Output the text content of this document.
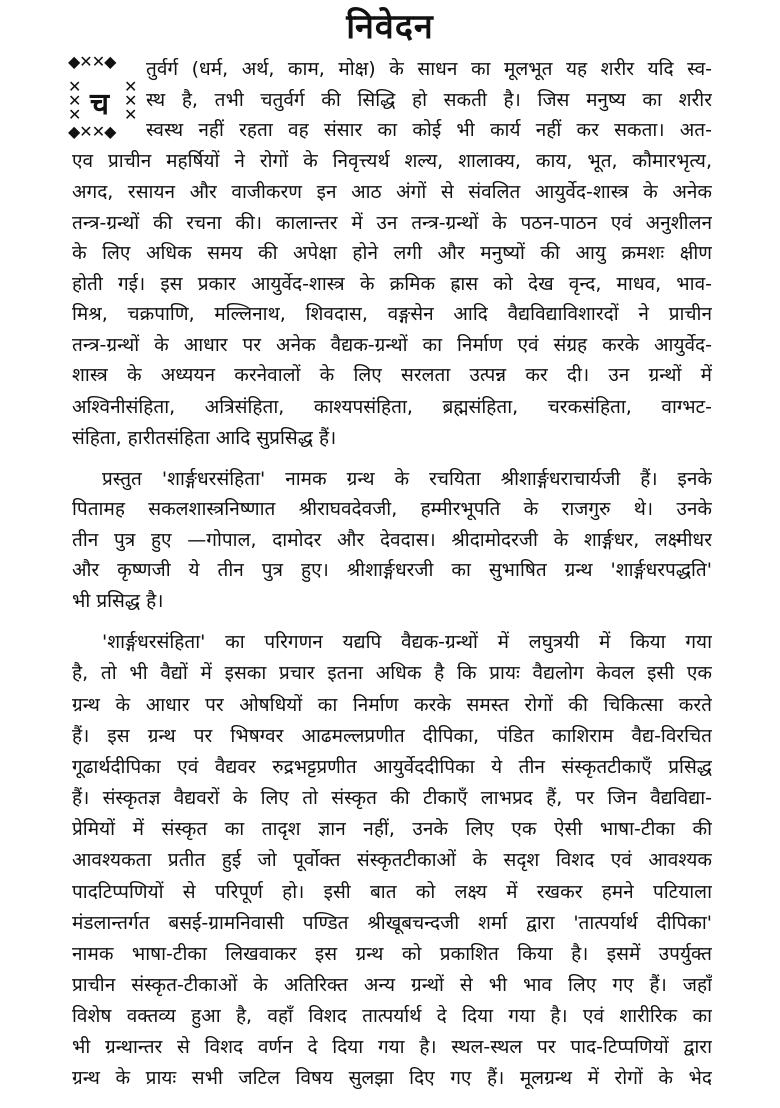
निवेदन
◆✕✕◆
✕
✕
✕
✕
✕
✕
◆✕✕◆
च
तुर्वर्ग (धर्म, अर्थ, काम, मोक्ष) के साधन का मूलभूत यह शरीर यदि स्व-
स्थ है, तभी चतुर्वर्ग की सिद्धि हो सकती है। जिस मनुष्य का शरीर
स्वस्थ नहीं रहता वह संसार का कोई भी कार्य नहीं कर सकता। अत-
एव प्राचीन महर्षियों ने रोगों के निवृत्त्यर्थ शल्य, शालाक्य, काय, भूत, कौमारभृत्य,
अगद, रसायन और वाजीकरण इन आठ अंगों से संवलित आयुर्वेद-शास्त्र के अनेक
तन्त्र-ग्रन्थों की रचना की। कालान्तर में उन तन्त्र-ग्रन्थों के पठन-पाठन एवं अनुशीलन
के लिए अधिक समय की अपेक्षा होने लगी और मनुष्यों की आयु क्रमशः क्षीण
होती गई। इस प्रकार आयुर्वेद-शास्त्र के क्रमिक ह्रास को देख वृन्द, माधव, भाव-
मिश्र, चक्रपाणि, मल्लिनाथ, शिवदास, वङ्गसेन आदि वैद्यविद्याविशारदों ने प्राचीन
तन्त्र-ग्रन्थों के आधार पर अनेक वैद्यक-ग्रन्थों का निर्माण एवं संग्रह करके आयुर्वेद-
शास्त्र के अध्ययन करनेवालों के लिए सरलता उत्पन्न कर दी। उन ग्रन्थों में
अश्विनीसंहिता, अत्रिसंहिता, काश्यपसंहिता, ब्रह्मसंहिता, चरकसंहिता, वाग्भट-
संहिता, हारीतसंहिता आदि सुप्रसिद्ध हैं।
प्रस्तुत 'शार्ङ्गधरसंहिता' नामक ग्रन्थ के रचयिता श्रीशार्ङ्गधराचार्यजी हैं। इनके
पितामह सकलशास्त्रनिष्णात श्रीराघवदेवजी, हम्मीरभूपति के राजगुरु थे। उनके
तीन पुत्र हुए —गोपाल, दामोदर और देवदास। श्रीदामोदरजी के शार्ङ्गधर, लक्ष्मीधर
और कृष्णजी ये तीन पुत्र हुए। श्रीशार्ङ्गधरजी का सुभाषित ग्रन्थ 'शार्ङ्गधरपद्धति'
भी प्रसिद्ध है।
'शार्ङ्गधरसंहिता' का परिगणन यद्यपि वैद्यक-ग्रन्थों में लघुत्रयी में किया गया
है, तो भी वैद्यों में इसका प्रचार इतना अधिक है कि प्रायः वैद्यलोग केवल इसी एक
ग्रन्थ के आधार पर ओषधियों का निर्माण करके समस्त रोगों की चिकित्सा करते
हैं। इस ग्रन्थ पर भिषग्वर आढमल्लप्रणीत दीपिका, पंडित काशिराम वैद्य-विरचित
गूढार्थदीपिका एवं वैद्यवर रुद्रभट्टप्रणीत आयुर्वेददीपिका ये तीन संस्कृतटीकाएँ प्रसिद्ध
हैं। संस्कृतज्ञ वैद्यवरों के लिए तो संस्कृत की टीकाएँ लाभप्रद हैं, पर जिन वैद्यविद्या-
प्रेमियों में संस्कृत का तादृश ज्ञान नहीं, उनके लिए एक ऐसी भाषा-टीका की
आवश्यकता प्रतीत हुई जो पूर्वोक्त संस्कृतटीकाओं के सदृश विशद एवं आवश्यक
पादटिप्पणियों से परिपूर्ण हो। इसी बात को लक्ष्य में रखकर हमने पटियाला
मंडलान्तर्गत बसई-ग्रामनिवासी पण्डित श्रीखूबचन्दजी शर्मा द्वारा 'तात्पर्यार्थ दीपिका'
नामक भाषा-टीका लिखवाकर इस ग्रन्थ को प्रकाशित किया है। इसमें उपर्युक्त
प्राचीन संस्कृत-टीकाओं के अतिरिक्त अन्य ग्रन्थों से भी भाव लिए गए हैं। जहाँ
विशेष वक्तव्य हुआ है, वहाँ विशद तात्पर्यार्थ दे दिया गया है। एवं शारीरिक का
भी ग्रन्थान्तर से विशद वर्णन दे दिया गया है। स्थल-स्थल पर पाद-टिप्पणियों द्वारा
ग्रन्थ के प्रायः सभी जटिल विषय सुलझा दिए गए हैं। मूलग्रन्थ में रोगों के भेद
